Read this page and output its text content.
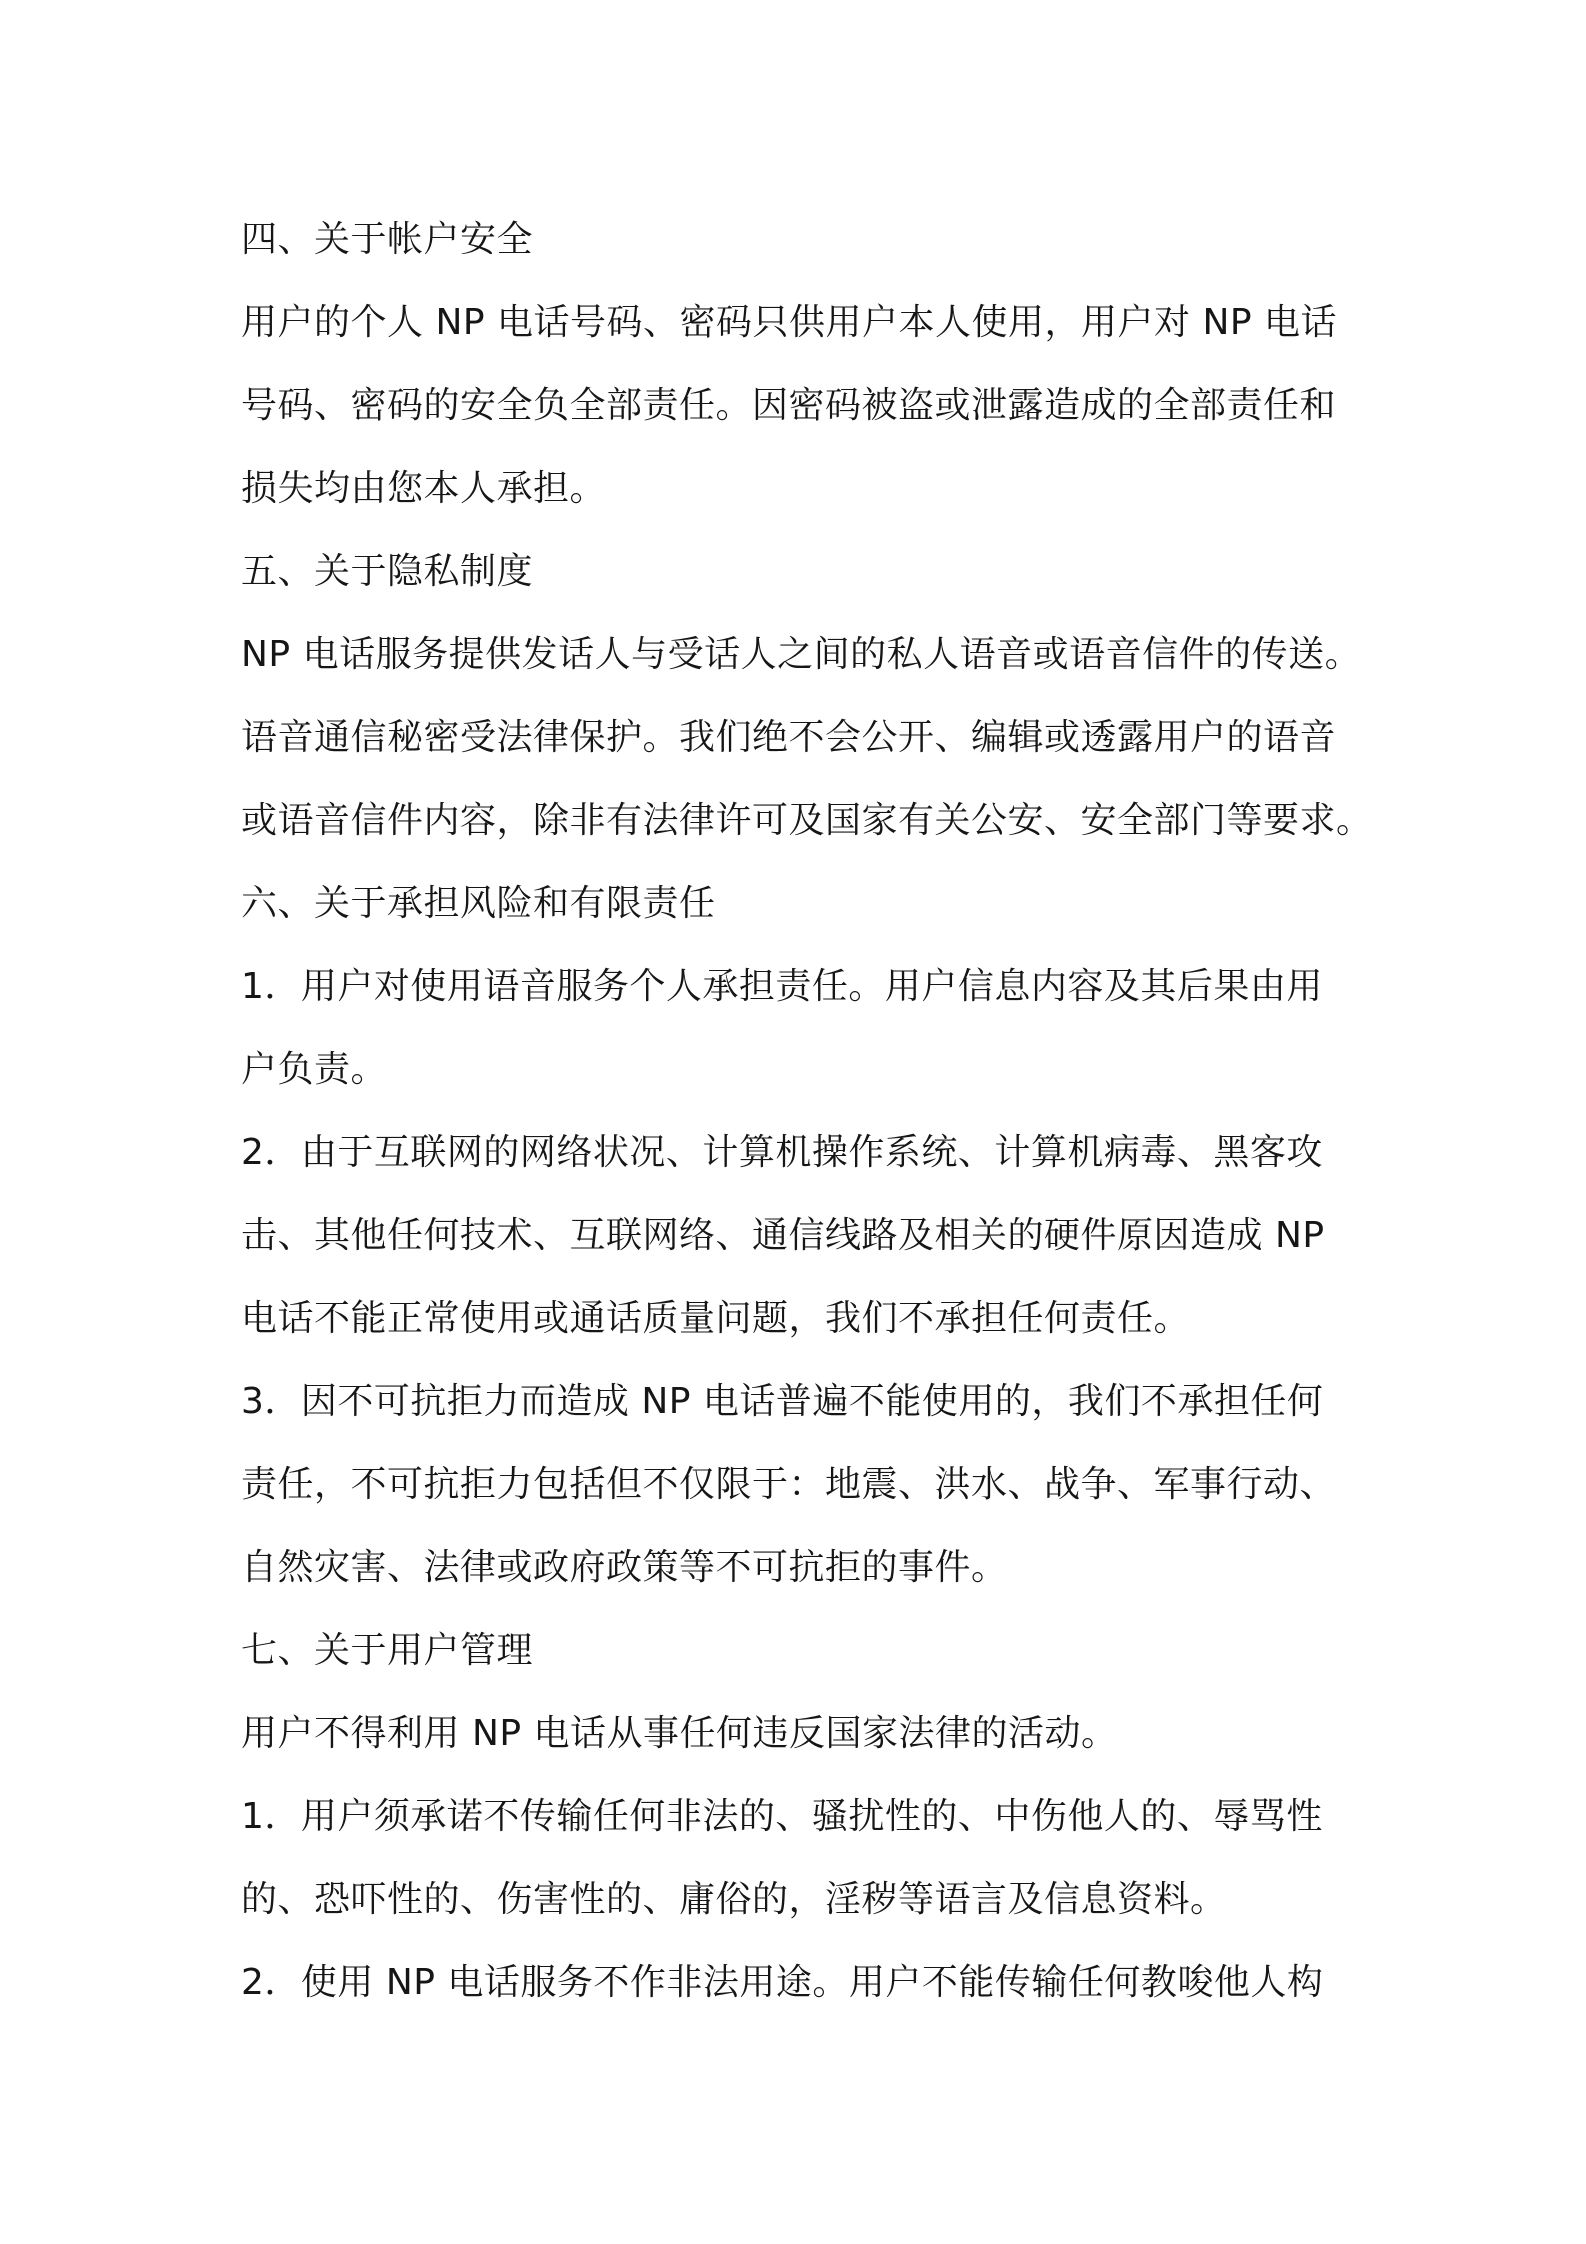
四、关于帐户安全
用户的个人 NP 电话号码、密码只供用户本人使用，用户对 NP 电话
号码、密码的安全负全部责任。因密码被盗或泄露造成的全部责任和
损失均由您本人承担。
五、关于隐私制度
NP 电话服务提供发话人与受话人之间的私人语音或语音信件的传送。
语音通信秘密受法律保护。我们绝不会公开、编辑或透露用户的语音
或语音信件内容，除非有法律许可及国家有关公安、安全部门等要求。
六、关于承担风险和有限责任
1．用户对使用语音服务个人承担责任。用户信息内容及其后果由用
户负责。
2．由于互联网的网络状况、计算机操作系统、计算机病毒、黑客攻
击、其他任何技术、互联网络、通信线路及相关的硬件原因造成 NP
电话不能正常使用或通话质量问题，我们不承担任何责任。
3．因不可抗拒力而造成 NP 电话普遍不能使用的，我们不承担任何
责任，不可抗拒力包括但不仅限于：地震、洪水、战争、军事行动、
自然灾害、法律或政府政策等不可抗拒的事件。
七、关于用户管理
用户不得利用 NP 电话从事任何违反国家法律的活动。
1．用户须承诺不传输任何非法的、骚扰性的、中伤他人的、辱骂性
的、恐吓性的、伤害性的、庸俗的，淫秽等语言及信息资料。
2．使用 NP 电话服务不作非法用途。用户不能传输任何教唆他人构
